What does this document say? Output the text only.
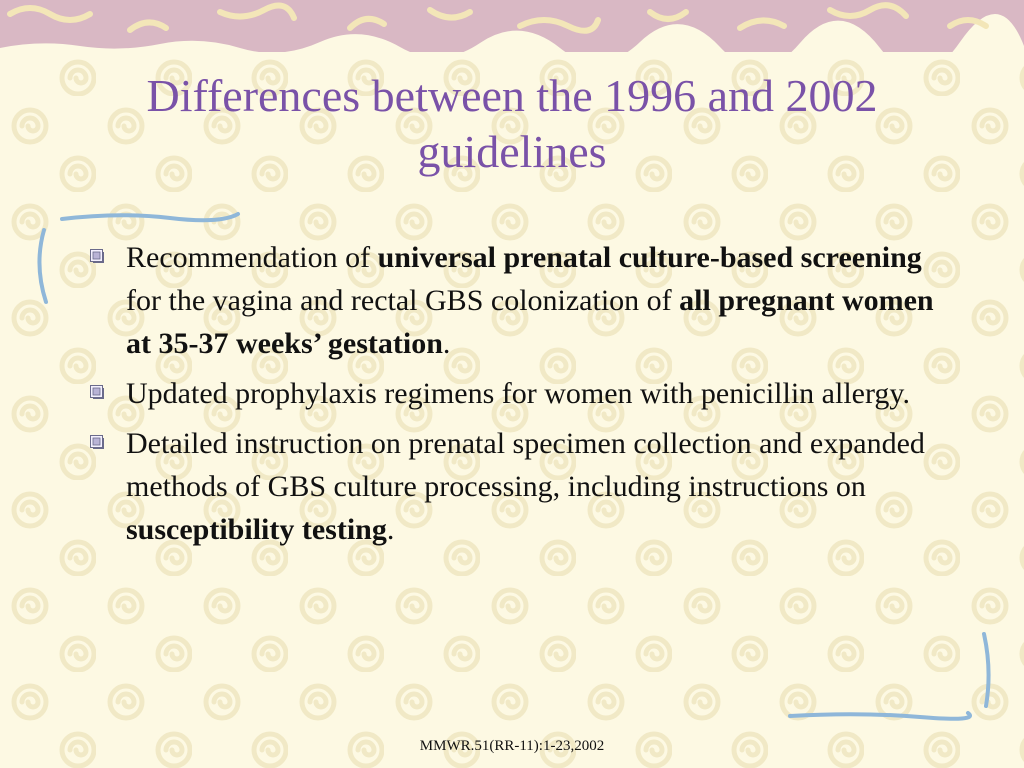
Differences between the 1996 and 2002 guidelines
Recommendation of universal prenatal culture-based screening for the vagina and rectal GBS colonization of all pregnant women at 35-37 weeks’ gestation.
Updated prophylaxis regimens for women with penicillin allergy.
Detailed instruction on prenatal specimen collection and expanded methods of GBS culture processing, including instructions on susceptibility testing.
MMWR.51(RR-11):1-23,2002
